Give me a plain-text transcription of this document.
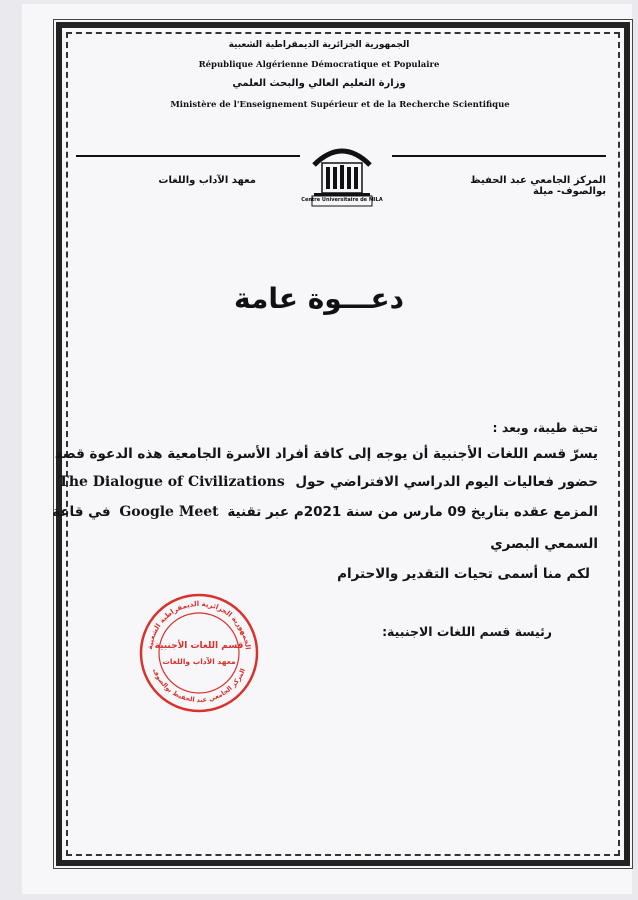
الجمهورية الجزائرية الديمقراطية الشعبية
République Algérienne Démocratique et Populaire
وزارة التعليم العالي والبحث العلمي
Ministère de l'Enseignement Supérieur et de la Recherche Scientifique
Centre Universitaire de MILA
المركز الجامعي عبد الحفيظ بوالصوف- ميلة
معهد الآداب واللغات
دعـــوة عامة
تحية طيبة، وبعد :
يسرّ قسم اللغات الأجنبية أن يوجه إلى كافة أفراد الأسرة الجامعية هذه الدعوة قصد
حضور فعاليات اليوم الدراسي الافتراضي حول The Dialogue of Civilizations
المزمع عقده بتاريخ 09 مارس من سنة 2021م عبر تقنية Google Meet في قاعة
السمعي البصري
لكم منا أسمى تحيات التقدير والاحترام
رئيسة قسم اللغات الاجنبية:
الجمهورية الجزائرية الديمقراطية الشعبية
المركز الجامعي عبد الحفيظ بوالصوف
قسم اللغات الأجنبية
معهد الآداب واللغات
